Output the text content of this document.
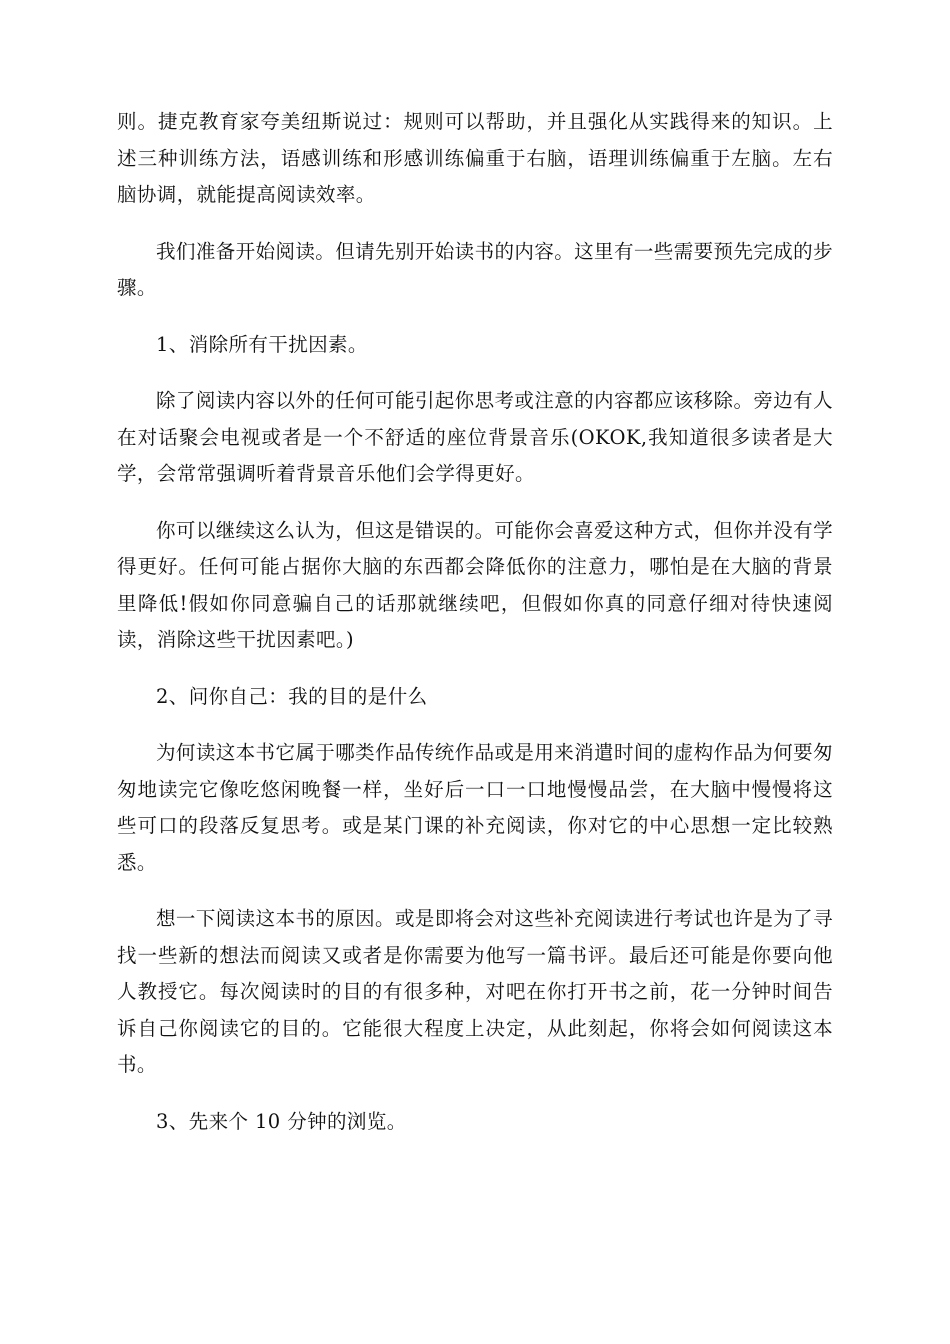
则。捷克教育家夸美纽斯说过：规则可以帮助，并且强化从实践得来的知识。上述三种训练方法，语感训练和形感训练偏重于右脑，语理训练偏重于左脑。左右脑协调，就能提高阅读效率。

我们准备开始阅读。但请先别开始读书的内容。这里有一些需要预先完成的步骤。

1、消除所有干扰因素。

除了阅读内容以外的任何可能引起你思考或注意的内容都应该移除。旁边有人在对话聚会电视或者是一个不舒适的座位背景音乐(OKOK,我知道很多读者是大学，会常常强调听着背景音乐他们会学得更好。

你可以继续这么认为，但这是错误的。可能你会喜爱这种方式，但你并没有学得更好。任何可能占据你大脑的东西都会降低你的注意力，哪怕是在大脑的背景里降低!假如你同意骗自己的话那就继续吧，但假如你真的同意仔细对待快速阅读，消除这些干扰因素吧。)

2、问你自己：我的目的是什么

为何读这本书它属于哪类作品传统作品或是用来消遣时间的虚构作品为何要匆匆地读完它像吃悠闲晚餐一样，坐好后一口一口地慢慢品尝，在大脑中慢慢将这些可口的段落反复思考。或是某门课的补充阅读，你对它的中心思想一定比较熟悉。

想一下阅读这本书的原因。或是即将会对这些补充阅读进行考试也许是为了寻找一些新的想法而阅读又或者是你需要为他写一篇书评。最后还可能是你要向他人教授它。每次阅读时的目的有很多种，对吧在你打开书之前，花一分钟时间告诉自己你阅读它的目的。它能很大程度上决定，从此刻起，你将会如何阅读这本书。

3、先来个 10 分钟的浏览。
